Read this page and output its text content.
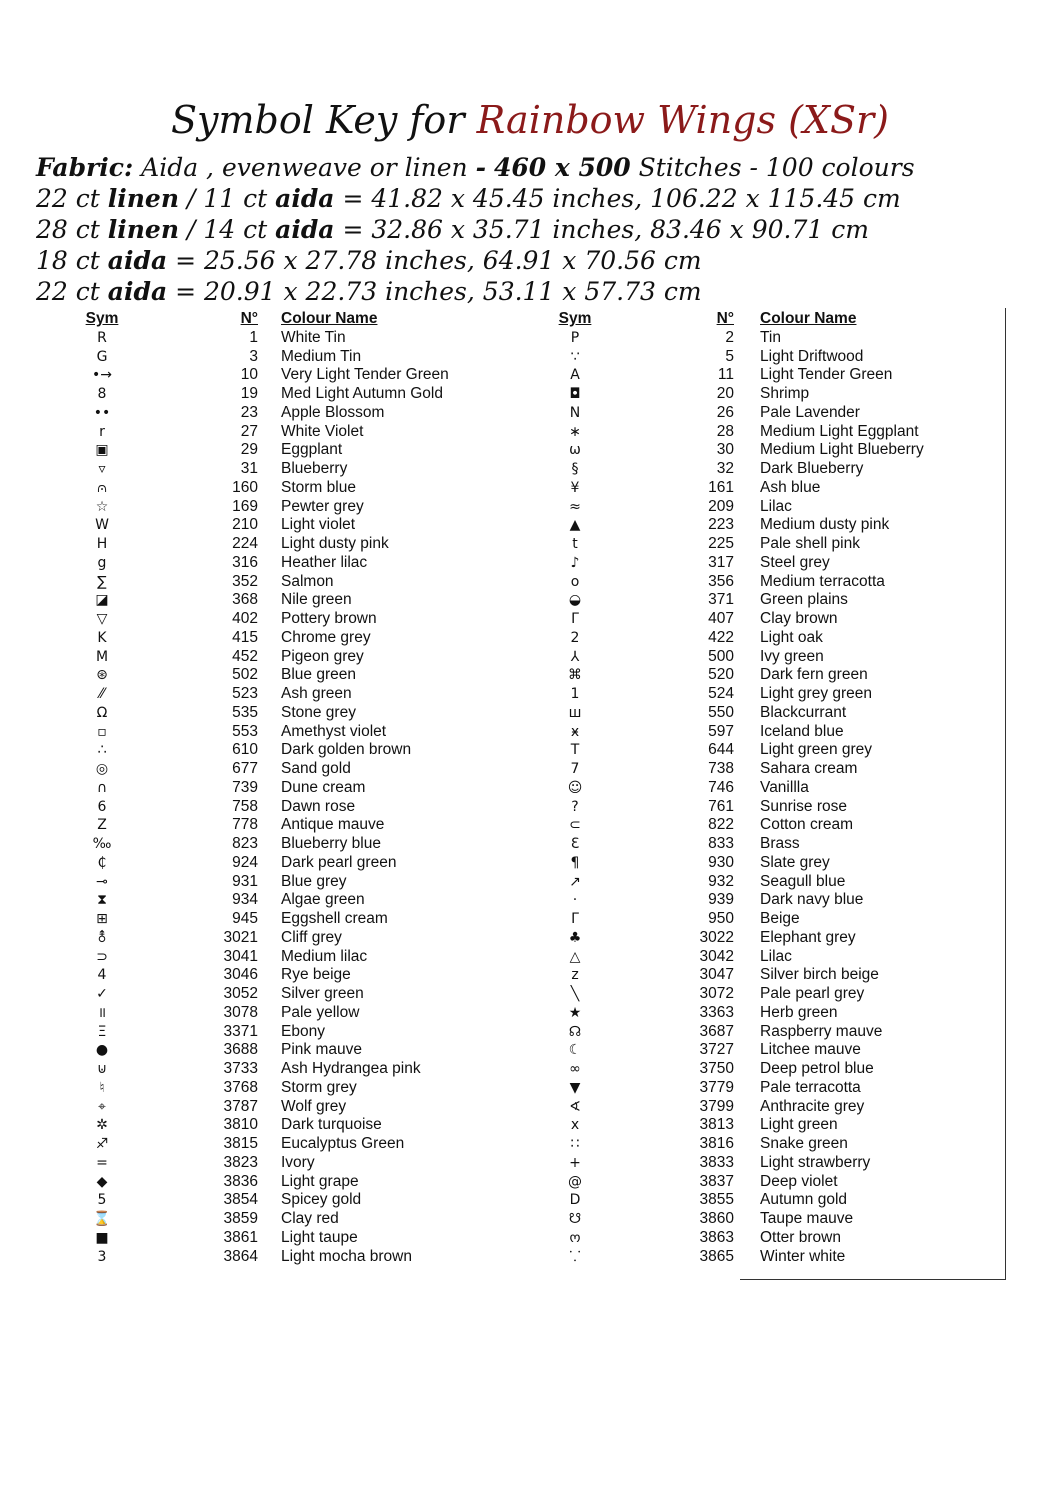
Symbol Key for Rainbow Wings (XSr)
Fabric: Aida , evenweave or linen - 460 x 500 Stitches - 100 colours
22 ct linen / 11 ct aida = 41.82 x 45.45 inches, 106.22 x 115.45 cm
28 ct linen / 14 ct aida = 32.86 x 35.71 inches, 83.46 x 90.71 cm
18 ct aida = 25.56 x 27.78 inches, 64.91 x 70.56 cm
22 ct aida = 20.91 x 22.73 inches, 53.11 x 57.73 cm
Sym	N° Colour Name
R	1 White Tin
G	3 Medium Tin
•→	10 Very Light Tender Green
8	19 Med Light Autumn Gold
••	23 Apple Blossom
r	27 White Violet
▣	29 Eggplant
▿	31 Blueberry
⩀	160 Storm blue
☆	169 Pewter grey
W	210 Light violet
H	224 Light dusty pink
g	316 Heather lilac
∑	352 Salmon
◪	368 Nile green
▽	402 Pottery brown
K	415 Chrome grey
M	452 Pigeon grey
⊛	502 Blue green
⁄⁄	523 Ash green
Ω	535 Stone grey
▫	553 Amethyst violet
∴	610 Dark golden brown
◎	677 Sand gold
∩	739 Dune cream
6	758 Dawn rose
Z	778 Antique mauve
‰	823 Blueberry blue
₵	924 Dark pearl green
⊸	931 Blue grey
⧗	934 Algae green
⊞	945 Eggshell cream
⚨	3021 Cliff grey
⊃	3041 Medium lilac
4	3046 Rye beige
✓	3052 Silver green
॥	3078 Pale yellow
Ξ	3371 Ebony
●	3688 Pink mauve
⊍	3733 Ash Hydrangea pink
♮	3768 Storm grey
⌖	3787 Wolf grey
✲	3810 Dark turquoise
♐	3815 Eucalyptus Green
=	3823 Ivory
◆	3836 Light grape
5	3854 Spicey gold
⌛	3859 Clay red
■	3861 Light taupe
3	3864 Light mocha brown
Sym	N° Colour Name
P	2 Tin
∵	5 Light Driftwood
A	11 Light Tender Green
◘	20 Shrimp
N	26 Pale Lavender
∗	28 Medium Light Eggplant
ω	30 Medium Light Blueberry
§	32 Dark Blueberry
¥	161 Ash blue
≈	209 Lilac
▲	223 Medium dusty pink
t	225 Pale shell pink
♪	317 Steel grey
o	356 Medium terracotta
◒	371 Green plains
Γ	407 Clay brown
2	422 Light oak
⅄	500 Ivy green
⌘	520 Dark fern green
1	524 Light grey green
ш	550 Blackcurrant
ӿ	597 Iceland blue
T	644 Light green grey
7	738 Sahara cream
☺	746 Vanillla
?	761 Sunrise rose
⊂	822 Cotton cream
Ɛ	833 Brass
¶	930 Slate grey
↗	932 Seagull blue
·	939 Dark navy blue
Γ	950 Beige
♣	3022 Elephant grey
△	3042 Lilac
z	3047 Silver birch beige
╲	3072 Pale pearl grey
★	3363 Herb green
☊	3687 Raspberry mauve
☾	3727 Litchee mauve
∞	3750 Deep petrol blue
▼	3779 Pale terracotta
∢	3799 Anthracite grey
x	3813 Light green
∷	3816 Snake green
+	3833 Light strawberry
@	3837 Deep violet
D	3855 Autumn gold
☋	3860 Taupe mauve
ო	3863 Otter brown
⸪	3865 Winter white
